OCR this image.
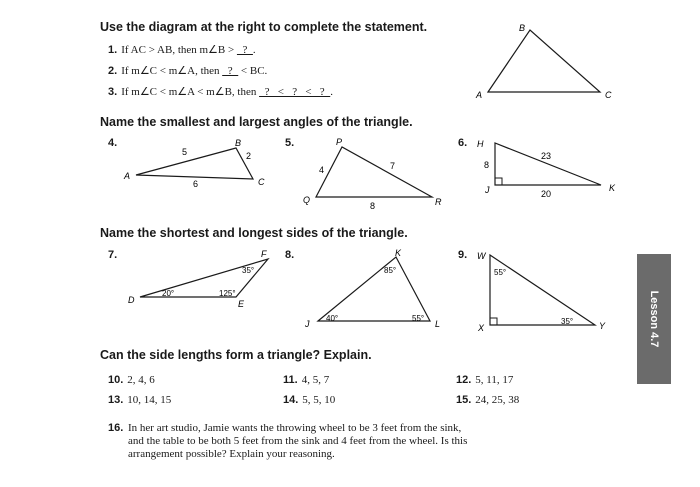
Use the diagram at the right to complete the statement.
1. If AC > AB, then m∠B > _?_.
2. If m∠C < m∠A, then _?_ < BC.
3. If m∠C < m∠A < m∠B, then _?_ < _?_ < _?_.	A
B
C
Name the smallest and largest angles of the triangle.
4.
A
B
C
5	2
6
5.	P
Q	R
4	7
8
6. H
J	K
8
23
20
Name the shortest and longest sides of the triangle.
7.
D	E
F
35°
20°	125°
8.
J
K
L
85°
40°	55°
9. W
X	Y
55°
35°
Can the side lengths form a triangle? Explain.
10. 2, 4, 6	11. 4, 5, 7	12. 5, 11, 17
13. 10, 14, 15	14. 5, 5, 10	15. 24, 25, 38
16. In her art studio, Jamie wants the throwing wheel to be 3 feet from the sink, and the table to be both 5 feet from the sink and 4 feet from the wheel. Is this arrangement possible? Explain your reasoning.
Lesson 4.7
